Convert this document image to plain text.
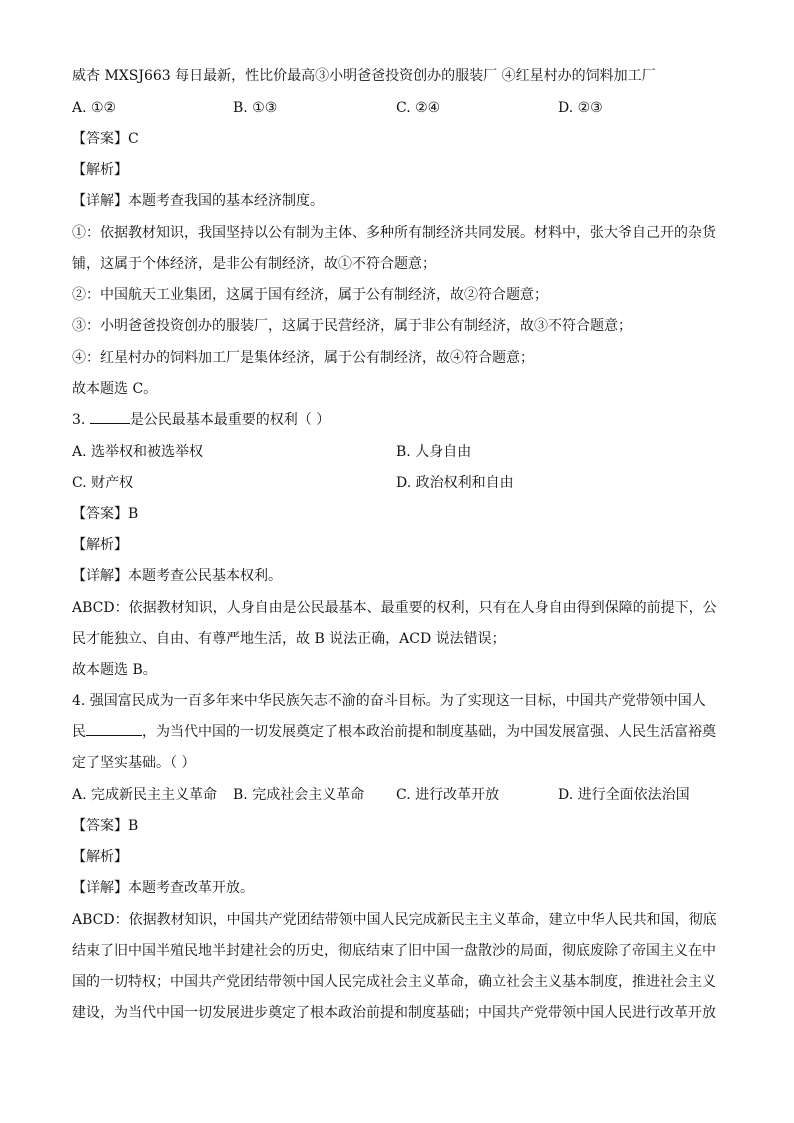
威杏 MXSJ663 每日最新，性比价最高③小明爸爸投资创办的服装厂 ④红星村办的饲料加工厂
A. ①②	B. ①③	C. ②④	D. ②③
【答案】C
【解析】
【详解】本题考查我国的基本经济制度。
①：依据教材知识，我国坚持以公有制为主体、多种所有制经济共同发展。材料中，张大爷自己开的杂货
铺，这属于个体经济，是非公有制经济，故①不符合题意；
②：中国航天工业集团，这属于国有经济，属于公有制经济，故②符合题意；
③：小明爸爸投资创办的服装厂，这属于民营经济，属于非公有制经济，故③不符合题意；
④：红星村办的饲料加工厂是集体经济，属于公有制经济，故④符合题意；
故本题选 C。
3.	是公民最基本最重要的权利（ ）
A. 选举权和被选举权	B. 人身自由
C. 财产权	D. 政治权利和自由
【答案】B
【解析】
【详解】本题考查公民基本权利。
ABCD：依据教材知识，人身自由是公民最基本、最重要的权利，只有在人身自由得到保障的前提下，公
民才能独立、自由、有尊严地生活，故 B 说法正确，ACD 说法错误；
故本题选 B。
4. 强国富民成为一百多年来中华民族矢志不渝的奋斗目标。为了实现这一目标，中国共产党带领中国人
民	，为当代中国的一切发展奠定了根本政治前提和制度基础，为中国发展富强、人民生活富裕奠
定了坚实基础。（ ）
A. 完成新民主主义革命 B. 完成社会主义革命 C. 进行改革开放	D. 进行全面依法治国
【答案】B
【解析】
【详解】本题考查改革开放。
ABCD：依据教材知识，中国共产党团结带领中国人民完成新民主主义革命，建立中华人民共和国，彻底
结束了旧中国半殖民地半封建社会的历史，彻底结束了旧中国一盘散沙的局面，彻底废除了帝国主义在中
国的一切特权；中国共产党团结带领中国人民完成社会主义革命，确立社会主义基本制度，推进社会主义
建设，为当代中国一切发展进步奠定了根本政治前提和制度基础；中国共产党带领中国人民进行改革开放
